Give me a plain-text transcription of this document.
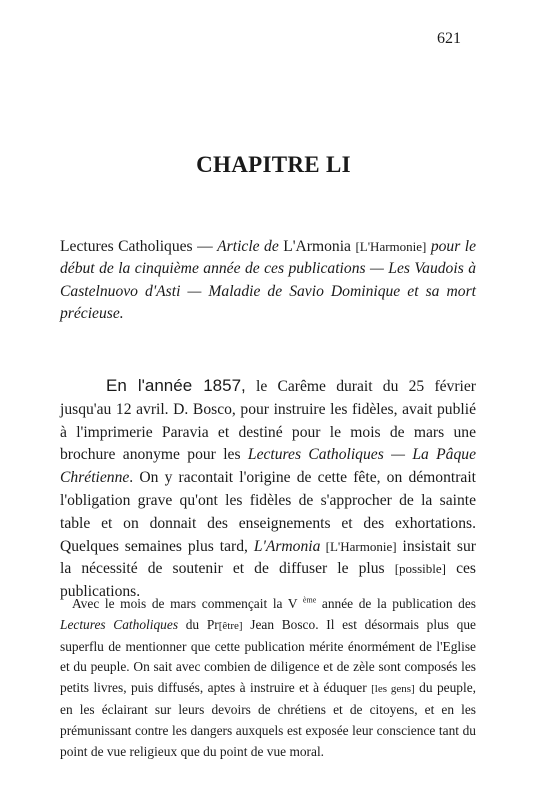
621
CHAPITRE LI
Lectures Catholiques — Article de L'Armonia [L'Harmonie] pour le début de la cinquième année de ces publications — Les Vaudois à Castelnuovo d'Asti — Maladie de Savio Dominique et sa mort précieuse.
En l'année 1857, le Carême durait du 25 février jusqu'au 12 avril. D. Bosco, pour instruire les fidèles, avait publié à l'imprimerie Paravia et destiné pour le mois de mars une brochure anonyme pour les Lectures Catholiques — La Pâque Chrétienne. On y racontait l'origine de cette fête, on démontrait l'obligation grave qu'ont les fidèles de s'approcher de la sainte table et on donnait des enseignements et des exhortations. Quelques semaines plus tard, L'Armonia [L'Harmonie] insistait sur la nécessité de soutenir et de diffuser le plus [possible] ces publications.
Avec le mois de mars commençait la V $^{ème}$ année de la publication des Lectures Catholiques du Pr[être] Jean Bosco. Il est désormais plus que superflu de mentionner que cette publication mérite énormément de l'Eglise et du peuple. On sait avec combien de diligence et de zèle sont composés les petits livres, puis diffusés, aptes à instruire et à éduquer [les gens] du peuple, en les éclairant sur leurs devoirs de chrétiens et de citoyens, et en les prémunissant contre les dangers auxquels est exposée leur conscience tant du point de vue religieux que du point de vue moral.
